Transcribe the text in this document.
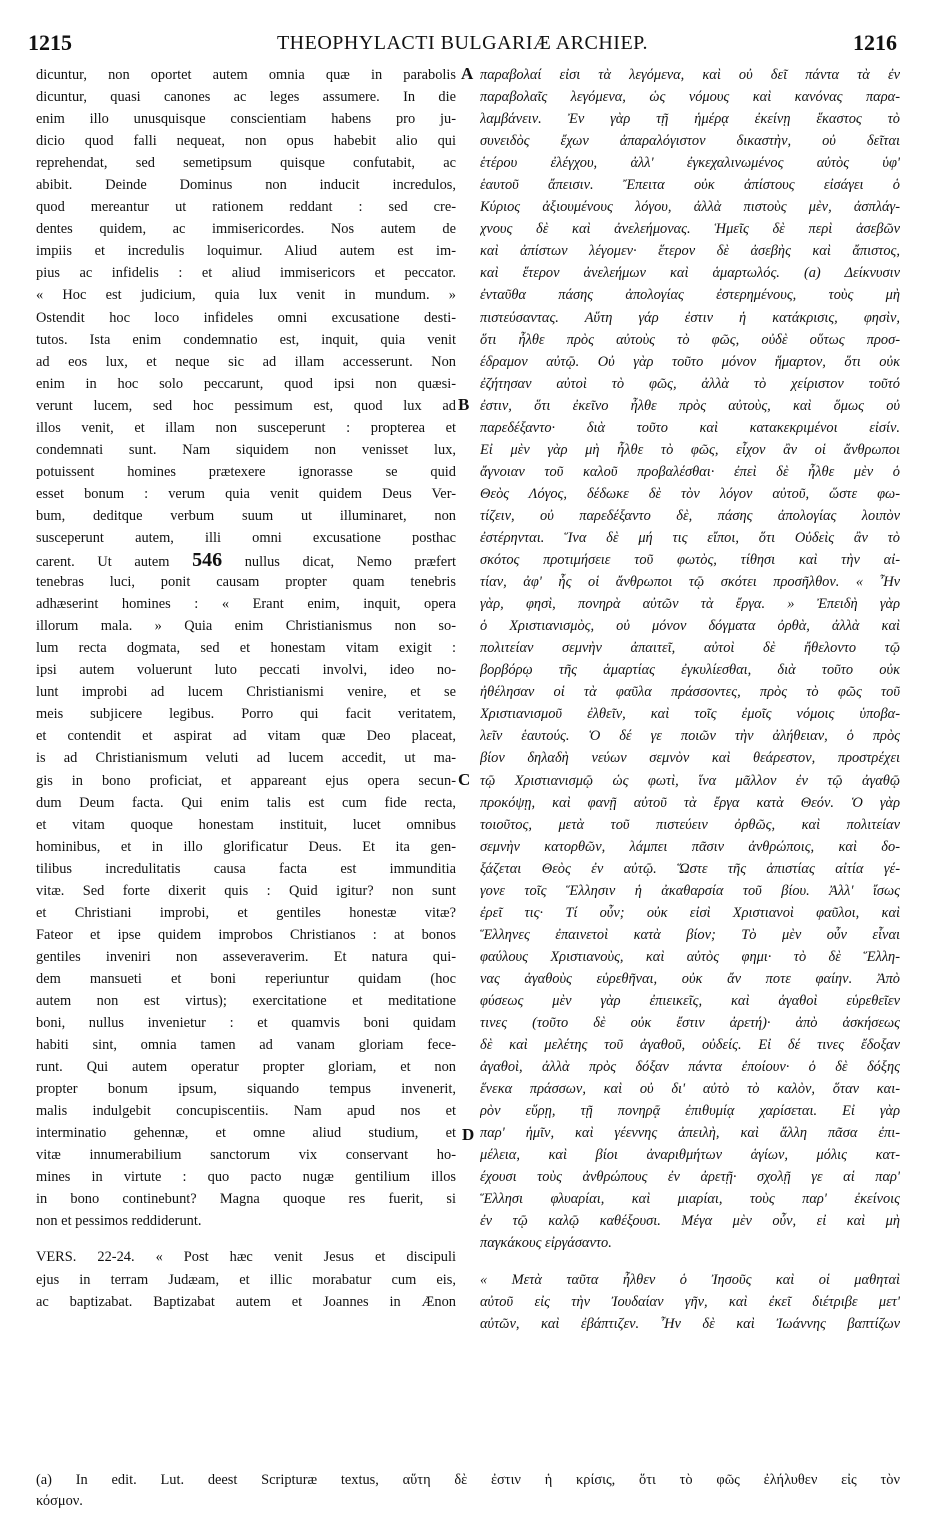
1215	THEOPHYLACTI BULGARIÆ ARCHIEP.	1216
dicuntur, non oportet autem omnia quæ in parabolis
dicuntur, quasi canones ac leges assumere. In die
enim illo unusquisque conscientiam habens pro ju-
dicio quod falli nequeat, non opus habebit alio qui
reprehendat, sed semetipsum quisque confutabit, ac
abibit. Deinde Dominus non inducit incredulos,
quod mereantur ut rationem reddant : sed cre-
dentes quidem, ac immisericordes. Nos autem de
impiis et incredulis loquimur. Aliud autem est im-
pius ac infidelis : et aliud immisericors et peccator.
« Hoc est judicium, quia lux venit in mundum. »
Ostendit hoc loco infideles omni excusatione desti-
tutos. Ista enim condemnatio est, inquit, quia venit
ad eos lux, et neque sic ad illam accesserunt. Non
enim in hoc solo peccarunt, quod ipsi non quæsi-
verunt lucem, sed hoc pessimum est, quod lux ad
illos venit, et illam non susceperunt : propterea et
condemnati sunt. Nam siquidem non venisset lux,
potuissent homines prætexere ignorasse se quid
esset bonum : verum quia venit quidem Deus Ver-
bum, deditque verbum suum ut illuminaret, non
susceperunt autem, illi omni excusatione posthac
carent. Ut autem 546 nullus dicat, Nemo præfert
tenebras luci, ponit causam propter quam tenebris
adhæserint homines : « Erant enim, inquit, opera
illorum mala. » Quia enim Christianismus non so-
lum recta dogmata, sed et honestam vitam exigit :
ipsi autem voluerunt luto peccati involvi, ideo no-
lunt improbi ad lucem Christianismi venire, et se
meis subjicere legibus. Porro qui facit veritatem,
et contendit et aspirat ad vitam quæ Deo placeat,
is ad Christianismum veluti ad lucem accedit, ut ma-
gis in bono proficiat, et appareant ejus opera secun-
dum Deum facta. Qui enim talis est cum fide recta,
et vitam quoque honestam instituit, lucet omnibus
hominibus, et in illo glorificatur Deus. Et ita gen-
tilibus incredulitatis causa facta est immunditia
vitæ. Sed forte dixerit quis : Quid igitur? non sunt
et Christiani improbi, et gentiles honestæ vitæ?
Fateor et ipse quidem improbos Christianos : at bonos
gentiles inveniri non asseveraverim. Et natura qui-
dem mansueti et boni reperiuntur quidam (hoc
autem non est virtus); exercitatione et meditatione
boni, nullus invenietur : et quamvis boni quidam
habiti sint, omnia tamen ad vanam gloriam fece-
runt. Qui autem operatur propter gloriam, et non
propter bonum ipsum, siquando tempus invenerit,
malis indulgebit concupiscentiis. Nam apud nos et
interminatio gehennæ, et omne aliud studium, et
vitæ innumerabilium sanctorum vix conservant ho-
mines in virtute : quo pacto nugæ gentilium illos
in bono continebunt? Magna quoque res fuerit, si
non et pessimos reddiderunt.
VERS. 22-24. « Post hæc venit Jesus et discipuli
ejus in terram Judæam, et illic morabatur cum eis,
ac baptizabat. Baptizabat autem et Joannes in Ænon
παραβολαί εἰσι τὰ λεγόμενα, καὶ οὐ δεῖ πάντα τὰ ἐν
παραβολαῖς λεγόμενα, ὡς νόμους καὶ κανόνας παρα-
λαμβάνειν. Ἐν γὰρ τῇ ἡμέρᾳ ἐκείνῃ ἕκαστος τὸ
συνειδὸς ἔχων ἀπαραλόγιστον δικαστὴν, οὐ δεῖται
ἑτέρου ἐλέγχου, ἀλλ' ἐγκεχαλινωμένος αὐτὸς ὑφ'
ἑαυτοῦ ἄπεισιν. Ἔπειτα οὐκ ἀπίστους εἰσάγει ὁ
Κύριος ἀξιουμένους λόγου, ἀλλὰ πιστοὺς μὲν, ἀσπλάγ-
χνους δὲ καὶ ἀνελεήμονας. Ἡμεῖς δὲ περὶ ἀσεβῶν
καὶ ἀπίστων λέγομεν· ἕτερον δὲ ἀσεβὴς καὶ ἄπιστος,
καὶ ἕτερον ἀνελεήμων καὶ ἁμαρτωλός. (a) Δείκνυσιν
ἐνταῦθα πάσης ἀπολογίας ἐστερημένους, τοὺς μὴ
πιστεύσαντας. Αὕτη γάρ ἐστιν ἡ κατάκρισις, φησὶν,
ὅτι ἦλθε πρὸς αὐτοὺς τὸ φῶς, οὐδὲ οὕτως προσ-
έδραμον αὐτῷ. Οὐ γὰρ τοῦτο μόνον ἥμαρτον, ὅτι οὐκ
ἐζήτησαν αὐτοὶ τὸ φῶς, ἀλλὰ τὸ χείριστον τοῦτό
ἐστιν, ὅτι ἐκεῖνο ἦλθε πρὸς αὐτοὺς, καὶ ὅμως οὐ
παρεδέξαντο· διὰ τοῦτο καὶ κατακεκριμένοι εἰσίν.
Εἰ μὲν γὰρ μὴ ἦλθε τὸ φῶς, εἶχον ἂν οἱ ἄνθρωποι
ἄγνοιαν τοῦ καλοῦ προβαλέσθαι· ἐπεὶ δὲ ἦλθε μὲν ὁ
Θεὸς Λόγος, δέδωκε δὲ τὸν λόγον αὐτοῦ, ὥστε φω-
τίζειν, οὐ παρεδέξαντο δὲ, πάσης ἀπολογίας λοιπὸν
ἐστέρηνται. Ἵνα δὲ μή τις εἴποι, ὅτι Οὐδεὶς ἂν τὸ
σκότος προτιμήσειε τοῦ φωτὸς, τίθησι καὶ τὴν αἰ-
τίαν, ἀφ' ἧς οἱ ἄνθρωποι τῷ σκότει προσῆλθον. « Ἦν
γὰρ, φησὶ, πονηρὰ αὐτῶν τὰ ἔργα. » Ἐπειδὴ γὰρ
ὁ Χριστιανισμὸς, οὐ μόνον δόγματα ὀρθὰ, ἀλλὰ καὶ
πολιτείαν σεμνὴν ἀπαιτεῖ, αὐτοὶ δὲ ἤθελοντο τῷ
βορβόρῳ τῆς ἁμαρτίας ἐγκυλίεσθαι, διὰ τοῦτο οὐκ
ἠθέλησαν οἱ τὰ φαῦλα πράσσοντες, πρὸς τὸ φῶς τοῦ
Χριστιανισμοῦ ἐλθεῖν, καὶ τοῖς ἐμοῖς νόμοις ὑποβα-
λεῖν ἑαυτούς. Ὁ δέ γε ποιῶν τὴν ἀλήθειαν, ὁ πρὸς
βίον δηλαδὴ νεύων σεμνὸν καὶ θεάρεστον, προστρέχει
τῷ Χριστιανισμῷ ὡς φωτὶ, ἵνα μᾶλλον ἐν τῷ ἀγαθῷ
προκόψῃ, καὶ φανῇ αὐτοῦ τὰ ἔργα κατὰ Θεόν. Ὁ γὰρ
τοιοῦτος, μετὰ τοῦ πιστεύειν ὀρθῶς, καὶ πολιτείαν
σεμνὴν κατορθῶν, λάμπει πᾶσιν ἀνθρώποις, καὶ δο-
ξάζεται Θεὸς ἐν αὐτῷ. Ὥστε τῆς ἀπιστίας αἰτία γέ-
γονε τοῖς Ἕλλησιν ἡ ἀκαθαρσία τοῦ βίου. Ἀλλ' ἴσως
ἐρεῖ τις· Τί οὖν; οὐκ εἰσὶ Χριστιανοὶ φαῦλοι, καὶ
Ἕλληνες ἐπαινετοὶ κατὰ βίον; Τὸ μὲν οὖν εἶναι
φαύλους Χριστιανοὺς, καὶ αὐτὸς φημι· τὸ δὲ Ἕλλη-
νας ἀγαθοὺς εὑρεθῆναι, οὐκ ἄν ποτε φαίην. Ἀπὸ
φύσεως μὲν γὰρ ἐπιεικεῖς, καὶ ἀγαθοὶ εὑρεθεῖεν
τινες (τοῦτο δὲ οὐκ ἔστιν ἀρετή)· ἀπὸ ἀσκήσεως
δὲ καὶ μελέτης τοῦ ἀγαθοῦ, οὐδείς. Εἰ δέ τινες ἔδοξαν
ἀγαθοὶ, ἀλλὰ πρὸς δόξαν πάντα ἐποίουν· ὁ δὲ δόξης
ἕνεκα πράσσων, καὶ οὐ δι' αὐτὸ τὸ καλὸν, ὅταν και-
ρὸν εὕρῃ, τῇ πονηρᾷ ἐπιθυμίᾳ χαρίσεται. Εἰ γὰρ
παρ' ἡμῖν, καὶ γέεννης ἀπειλὴ, καὶ ἄλλη πᾶσα ἐπι-
μέλεια, καὶ βίοι ἀναριθμήτων ἁγίων, μόλις κατ-
έχουσι τοὺς ἀνθρώπους ἐν ἀρετῇ· σχολῇ γε αἱ παρ'
Ἕλλησι φλυαρίαι, καὶ μιαρίαι, τοὺς παρ' ἐκείνοις
ἐν τῷ καλῷ καθέξουσι. Μέγα μὲν οὖν, εἰ καὶ μὴ
παγκάκους εἰργάσαντο.
« Μετὰ ταῦτα ἦλθεν ὁ Ἰησοῦς καὶ οἱ μαθηταὶ
αὐτοῦ εἰς τὴν Ἰουδαίαν γῆν, καὶ ἐκεῖ διέτριβε μετ'
αὐτῶν, καὶ ἐβάπτιζεν. Ἦν δὲ καὶ Ἰωάννης βαπτίζων
A
B
C
D
(a) In edit. Lut. deest Scripturæ textus, αὕτη δὲ ἐστιν ἡ κρίσις, ὅτι τὸ φῶς ἐλήλυθεν εἰς τὸν
κόσμον.
